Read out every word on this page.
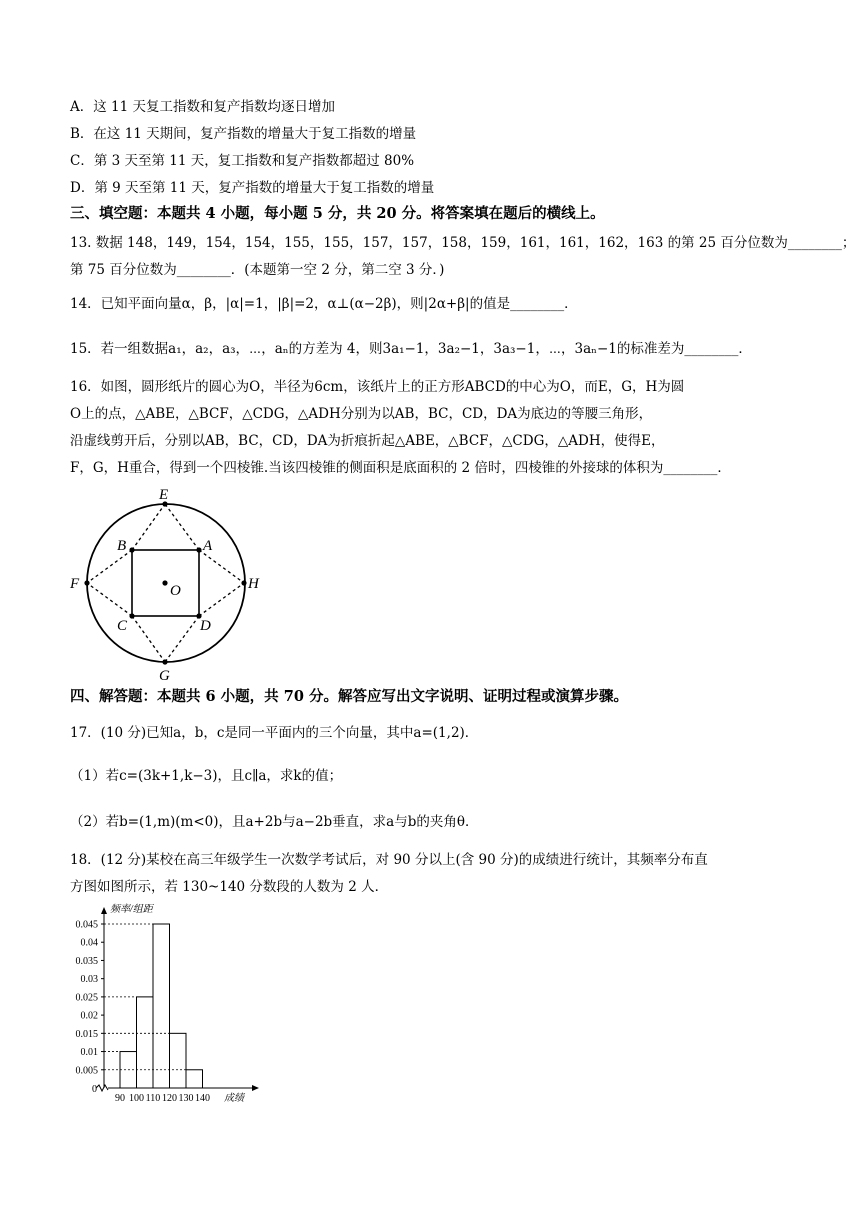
A．这 11 天复工指数和复产指数均逐日增加
B．在这 11 天期间，复产指数的增量大于复工指数的增量
C．第 3 天至第 11 天，复工指数和复产指数都超过 80%
D．第 9 天至第 11 天，复产指数的增量大于复工指数的增量
三、填空题：本题共 4 小题，每小题 5 分，共 20 分。将答案填在题后的横线上。
13. 数据 148，149，154，154，155，155，157，157，158，159，161，161，162，163 的第 25 百分位数为________；
第 75 百分位数为________．(本题第一空 2 分，第二空 3 分．)
14．已知平面向量α，β，|α|=1，|β|=2，α⊥(α−2β)，则|2α+β|的值是________．
15．若一组数据a₁，a₂，a₃，⋯，aₙ的方差为 4，则3a₁−1，3a₂−1，3a₃−1，⋯，3aₙ−1的标准差为________．
16．如图，圆形纸片的圆心为O，半径为6cm，该纸片上的正方形ABCD的中心为O，而E，G，H为圆
O上的点，△ABE，△BCF，△CDG，△ADH分别为以AB，BC，CD，DA为底边的等腰三角形，
沿虚线剪开后，分别以AB，BC，CD，DA为折痕折起△ABE，△BCF，△CDG，△ADH，使得E，
F，G，H重合，得到一个四棱锥.当该四棱锥的侧面积是底面积的 2 倍时，四棱锥的外接球的体积为________．
E
B	A
F	O	H
C	D
G
四、解答题：本题共 6 小题，共 70 分。解答应写出文字说明、证明过程或演算步骤。
17．(10 分)已知a，b，c是同一平面内的三个向量，其中a=(1,2)．
（1）若c=(3k+1,k−3)，且c∥a，求k的值；
（2）若b=(1,m)(m<0)，且a+2b与a−2b垂直，求a与b的夹角θ．
18．(12 分)某校在高三年级学生一次数学考试后，对 90 分以上(含 90 分)的成绩进行统计，其频率分布直
方图如图所示，若 130~140 分数段的人数为 2 人．
0.005
0.01
0.015
0.02
0.025
0.03
0.035
0.04
0.045
0
90 100 110 120 130 140
频率/组距
成绩
